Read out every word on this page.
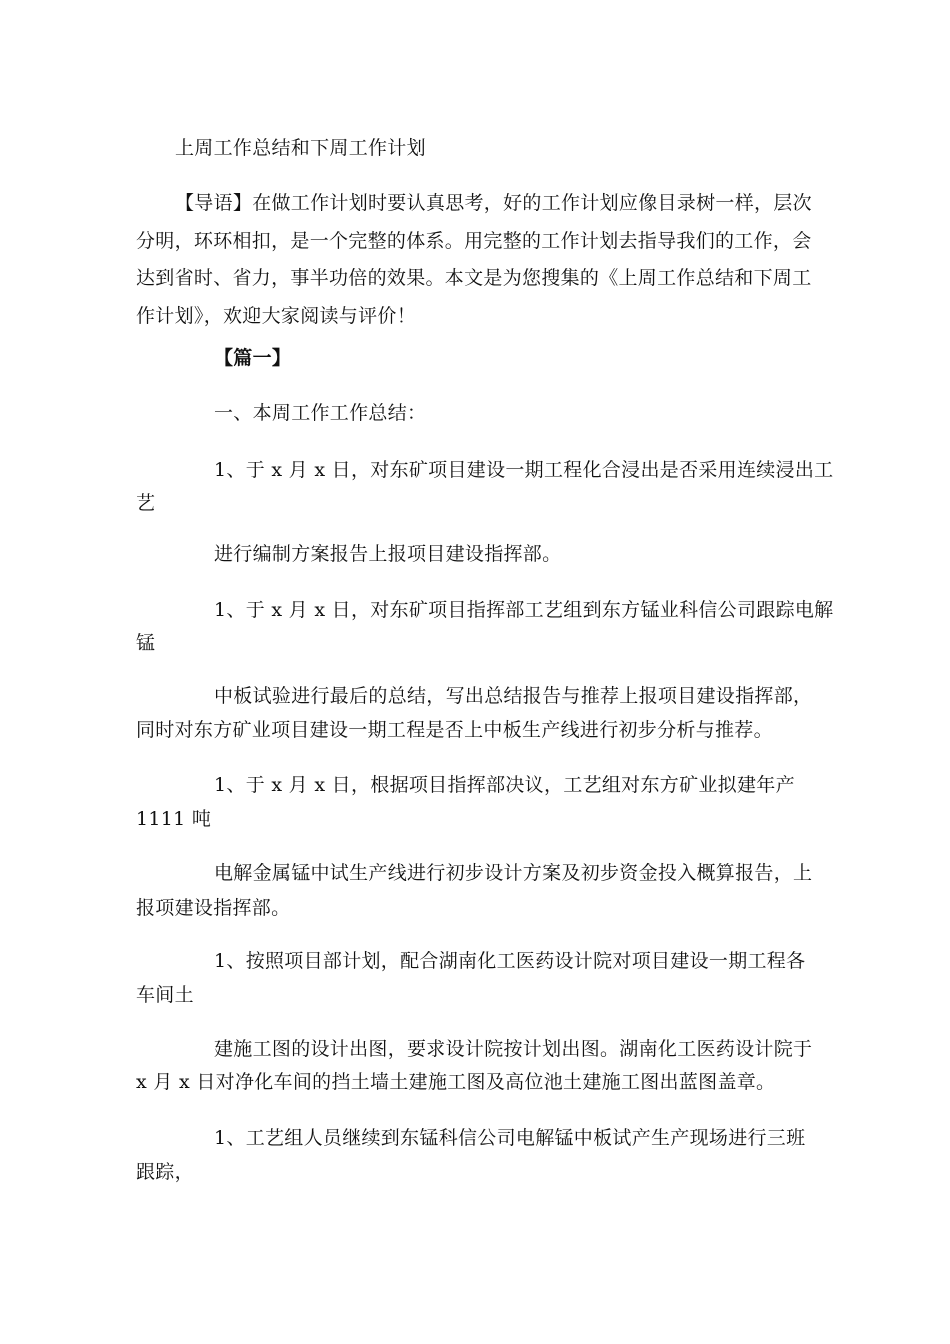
上周工作总结和下周工作计划
【导语】在做工作计划时要认真思考，好的工作计划应像目录树一样，层次
分明，环环相扣，是一个完整的体系。用完整的工作计划去指导我们的工作，会
达到省时、省力，事半功倍的效果。本文是为您搜集的《上周工作总结和下周工
作计划》，欢迎大家阅读与评价！
【篇一】
一、本周工作工作总结：
1、于 x 月 x 日，对东矿项目建设一期工程化合浸出是否采用连续浸出工
艺
进行编制方案报告上报项目建设指挥部。
1、于 x 月 x 日，对东矿项目指挥部工艺组到东方锰业科信公司跟踪电解
锰
中板试验进行最后的总结，写出总结报告与推荐上报项目建设指挥部，
同时对东方矿业项目建设一期工程是否上中板生产线进行初步分析与推荐。
1、于 x 月 x 日，根据项目指挥部决议，工艺组对东方矿业拟建年产
1111 吨
电解金属锰中试生产线进行初步设计方案及初步资金投入概算报告，上
报项建设指挥部。
1、按照项目部计划，配合湖南化工医药设计院对项目建设一期工程各
车间土
建施工图的设计出图，要求设计院按计划出图。湖南化工医药设计院于
x 月 x 日对净化车间的挡土墙土建施工图及高位池土建施工图出蓝图盖章。
1、工艺组人员继续到东锰科信公司电解锰中板试产生产现场进行三班
跟踪，
